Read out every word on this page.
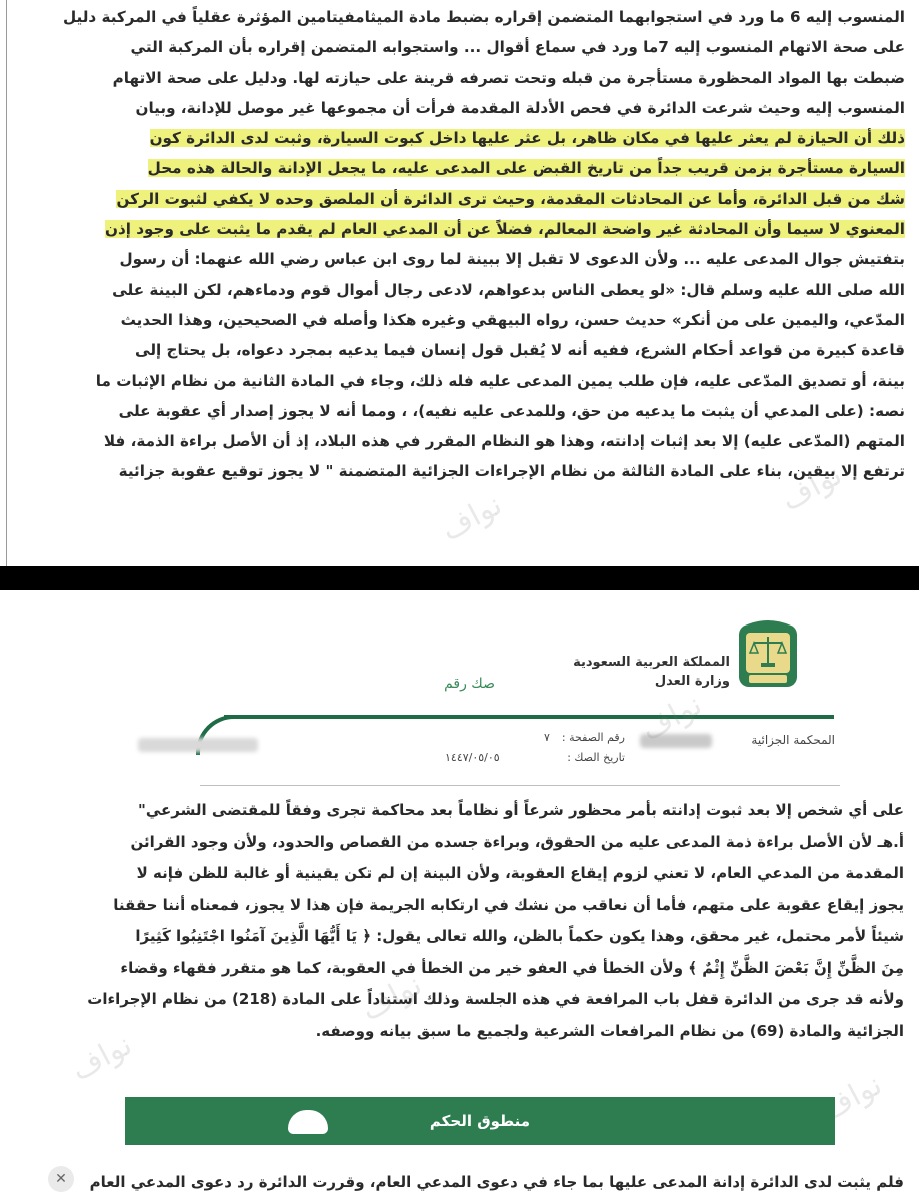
المنسوب إليه 6 ما ورد في استجوابهما المتضمن إقراره بضبط مادة الميثامفيتامين المؤثرة عقلياً في المركبة دليل
على صحة الاتهام المنسوب إليه 7ما ورد في سماع أقوال ... واستجوابه المتضمن إقراره بأن المركبة التي
ضبطت بها المواد المحظورة مستأجرة من قبله وتحت تصرفه قرينة على حيازته لها. ودليل على صحة الاتهام
المنسوب إليه وحيث شرعت الدائرة في فحص الأدلة المقدمة فرأت أن مجموعها غير موصل للإدانة، وبيان
ذلك أن الحيازة لم يعثر عليها في مكان ظاهر، بل عثر عليها داخل كبوت السيارة، وثبت لدى الدائرة كون
السيارة مستأجرة بزمن قريب جداً من تاريخ القبض على المدعى عليه، ما يجعل الإدانة والحالة هذه محل
شك من قبل الدائرة، وأما عن المحادثات المقدمة، وحيث ترى الدائرة أن الملصق وحده لا يكفي لثبوت الركن
المعنوي لا سيما وأن المحادثة غير واضحة المعالم، فضلاً عن أن المدعي العام لم يقدم ما يثبت على وجود إذن
بتفتيش جوال المدعى عليه ... ولأن الدعوى لا تقبل إلا ببينة لما روى ابن عباس رضي الله عنهما: أن رسول
الله صلى الله عليه وسلم قال: «لو يعطى الناس بدعواهم، لادعى رجال أموال قوم ودماءهم، لكن البينة على
المدّعي، واليمين على من أنكر» حديث حسن، رواه البيهقي وغيره هكذا وأصله في الصحيحين، وهذا الحديث
قاعدة كبيرة من قواعد أحكام الشرع، ففيه أنه لا يُقبل قول إنسان فيما يدعيه بمجرد دعواه، بل يحتاج إلى
بينة، أو تصديق المدّعى عليه، فإن طلب يمين المدعى عليه فله ذلك، وجاء في المادة الثانية من نظام الإثبات ما
نصه: (على المدعي أن يثبت ما يدعيه من حق، وللمدعى عليه نفيه)، ، ومما أنه لا يجوز إصدار أي عقوبة على
المتهم (المدّعى عليه) إلا بعد إثبات إدانته، وهذا هو النظام المقرر في هذه البلاد، إذ أن الأصل براءة الذمة، فلا
ترتفع إلا بيقين، بناء على المادة الثالثة من نظام الإجراءات الجزائية المتضمنة " لا يجوز توقيع عقوبة جزائية
نواف
نواف
المملكة العربية السعودية
وزارة العدل
صك رقم
المحكمة الجزائية
رقم الصفحة :
٧
تاريخ الصك :
١٤٤٧/٠٥/٠٥
على أي شخص إلا بعد ثبوت إدانته بأمر محظور شرعاً أو نظاماً بعد محاكمة تجرى وفقاً للمقتضى الشرعي"
أ.هـ لأن الأصل براءة ذمة المدعى عليه من الحقوق، وبراءة جسده من القصاص والحدود، ولأن وجود القرائن
المقدمة من المدعي العام، لا تعني لزوم إيقاع العقوبة، ولأن البينة إن لم تكن يقينية أو غالبة للظن فإنه لا
يجوز إيقاع عقوبة على متهم، فأما أن نعاقب من نشك في ارتكابه الجريمة فإن هذا لا يجوز، فمعناه أننا حققنا
شيئاً لأمر محتمل، غير محقق، وهذا يكون حكماً بالظن، والله تعالى يقول: ﴿ يَا أَيُّهَا الَّذِينَ آمَنُوا اجْتَنِبُوا كَثِيرًا
مِنَ الظَّنِّ إِنَّ بَعْضَ الظَّنِّ إِثْمٌ ﴾ ولأن الخطأ في العفو خير من الخطأ في العقوبة، كما هو متقرر فقهاء وقضاء
ولأنه قد جرى من الدائرة قفل باب المرافعة في هذه الجلسة وذلك استناداً على المادة (218) من نظام الإجراءات
الجزائية والمادة (69) من نظام المرافعات الشرعية ولجميع ما سبق بيانه ووصفه.
منطوق الحكم
فلم يثبت لدى الدائرة إدانة المدعى عليها بما جاء في دعوى المدعي العام، وقررت الدائرة رد دعوى المدعي العام
✕
